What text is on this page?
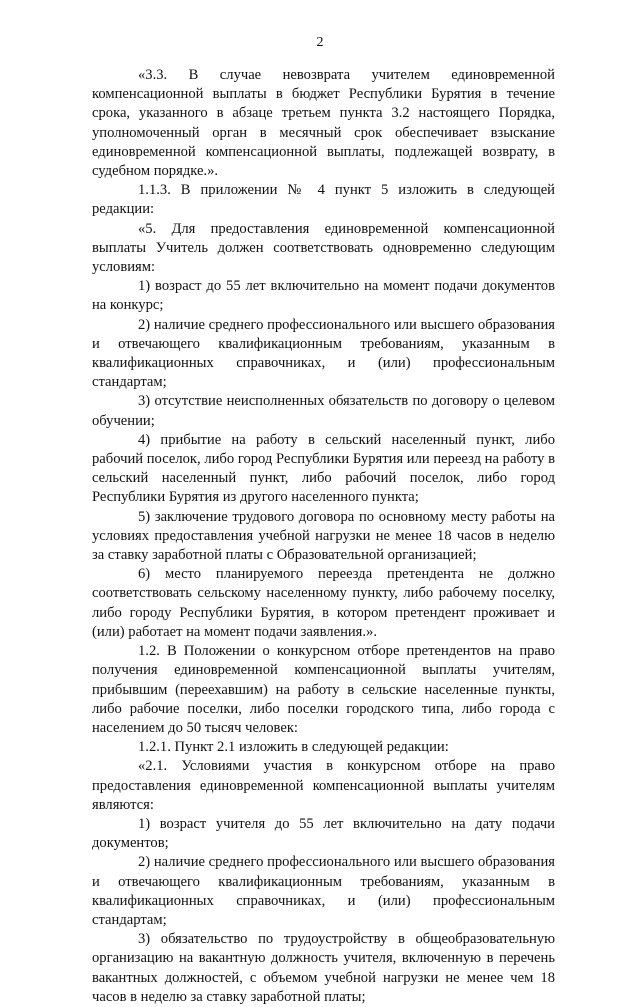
2

«3.3. В случае невозврата учителем единовременной компенсационной выплаты в бюджет Республики Бурятия в течение срока, указанного в абзаце третьем пункта 3.2 настоящего Порядка, уполномоченный орган в месячный срок обеспечивает взыскание единовременной компенсационной выплаты, подлежащей возврату, в судебном порядке.».

1.1.3. В приложении № 4 пункт 5 изложить в следующей редакции:

«5. Для предоставления единовременной компенсационной выплаты Учитель должен соответствовать одновременно следующим условиям:

1) возраст до 55 лет включительно на момент подачи документов на конкурс;

2) наличие среднего профессионального или высшего образования и отвечающего квалификационным требованиям, указанным в квалификационных справочниках, и (или) профессиональным стандартам;

3) отсутствие неисполненных обязательств по договору о целевом обучении;

4) прибытие на работу в сельский населенный пункт, либо рабочий поселок, либо город Республики Бурятия или переезд на работу в сельский населенный пункт, либо рабочий поселок, либо город Республики Бурятия из другого населенного пункта;

5) заключение трудового договора по основному месту работы на условиях предоставления учебной нагрузки не менее 18 часов в неделю за ставку заработной платы с Образовательной организацией;

6) место планируемого переезда претендента не должно соответствовать сельскому населенному пункту, либо рабочему поселку, либо городу Республики Бурятия, в котором претендент проживает и (или) работает на момент подачи заявления.».

1.2. В Положении о конкурсном отборе претендентов на право получения единовременной компенсационной выплаты учителям, прибывшим (переехавшим) на работу в сельские населенные пункты, либо рабочие поселки, либо поселки городского типа, либо города с населением до 50 тысяч человек:

1.2.1. Пункт 2.1 изложить в следующей редакции:

«2.1. Условиями участия в конкурсном отборе на право предоставления единовременной компенсационной выплаты учителям являются:

1) возраст учителя до 55 лет включительно на дату подачи документов;

2) наличие среднего профессионального или высшего образования и отвечающего квалификационным требованиям, указанным в квалификационных справочниках, и (или) профессиональным стандартам;

3) обязательство по трудоустройству в общеобразовательную организацию на вакантную должность учителя, включенную в перечень вакантных должностей, с объемом учебной нагрузки не менее чем 18 часов в неделю за ставку заработной платы;
